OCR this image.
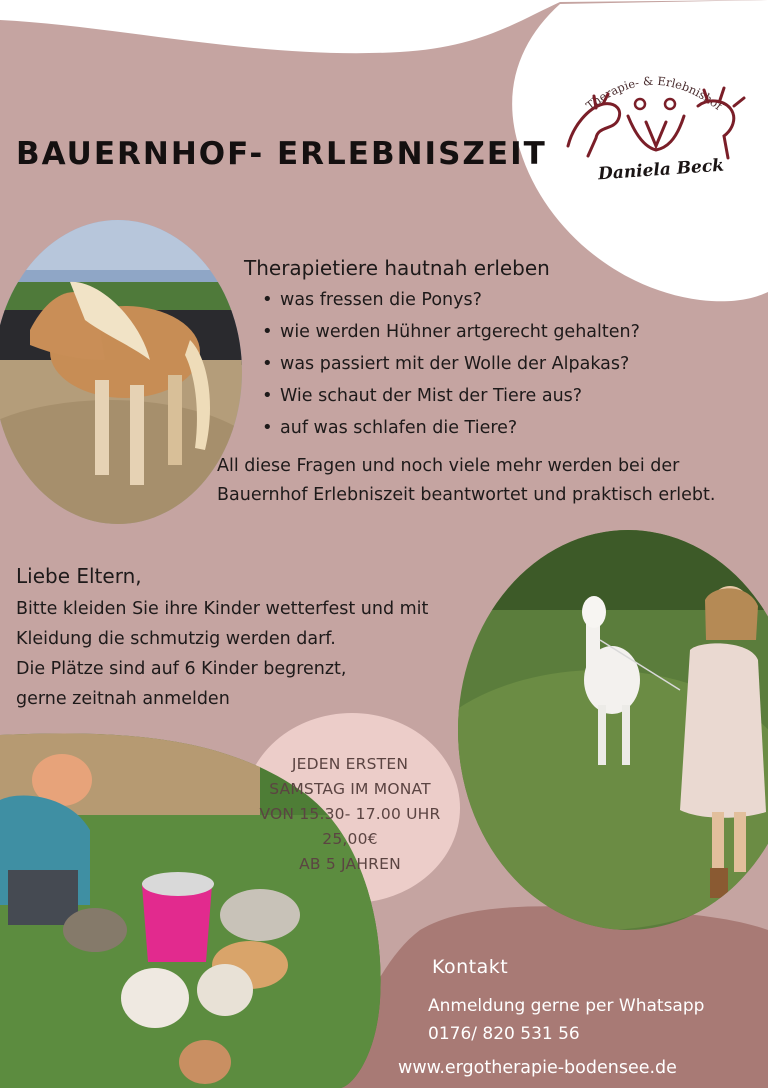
Therapie- & Erlebnishof
Daniela Beck
BAUERNHOF- ERLEBNISZEIT
Therapietiere hautnah erleben
• was fressen die Ponys?
• wie werden Hühner artgerecht gehalten?
• was passiert mit der Wolle der Alpakas?
• Wie schaut der Mist der Tiere aus?
• auf was schlafen die Tiere?
All diese Fragen und noch viele mehr werden bei der Bauernhof Erlebniszeit beantwortet und praktisch erlebt.
Liebe Eltern,
Bitte kleiden Sie ihre Kinder wetterfest und mit
Kleidung die schmutzig werden darf.
Die Plätze sind auf 6 Kinder begrenzt,
gerne zeitnah anmelden
JEDEN ERSTEN
SAMSTAG IM MONAT
VON 15.30- 17.00 UHR
25,00€
AB 5 JAHREN
Kontakt
Anmeldung gerne per Whatsapp
0176/ 820 531 56
www.ergotherapie-bodensee.de
